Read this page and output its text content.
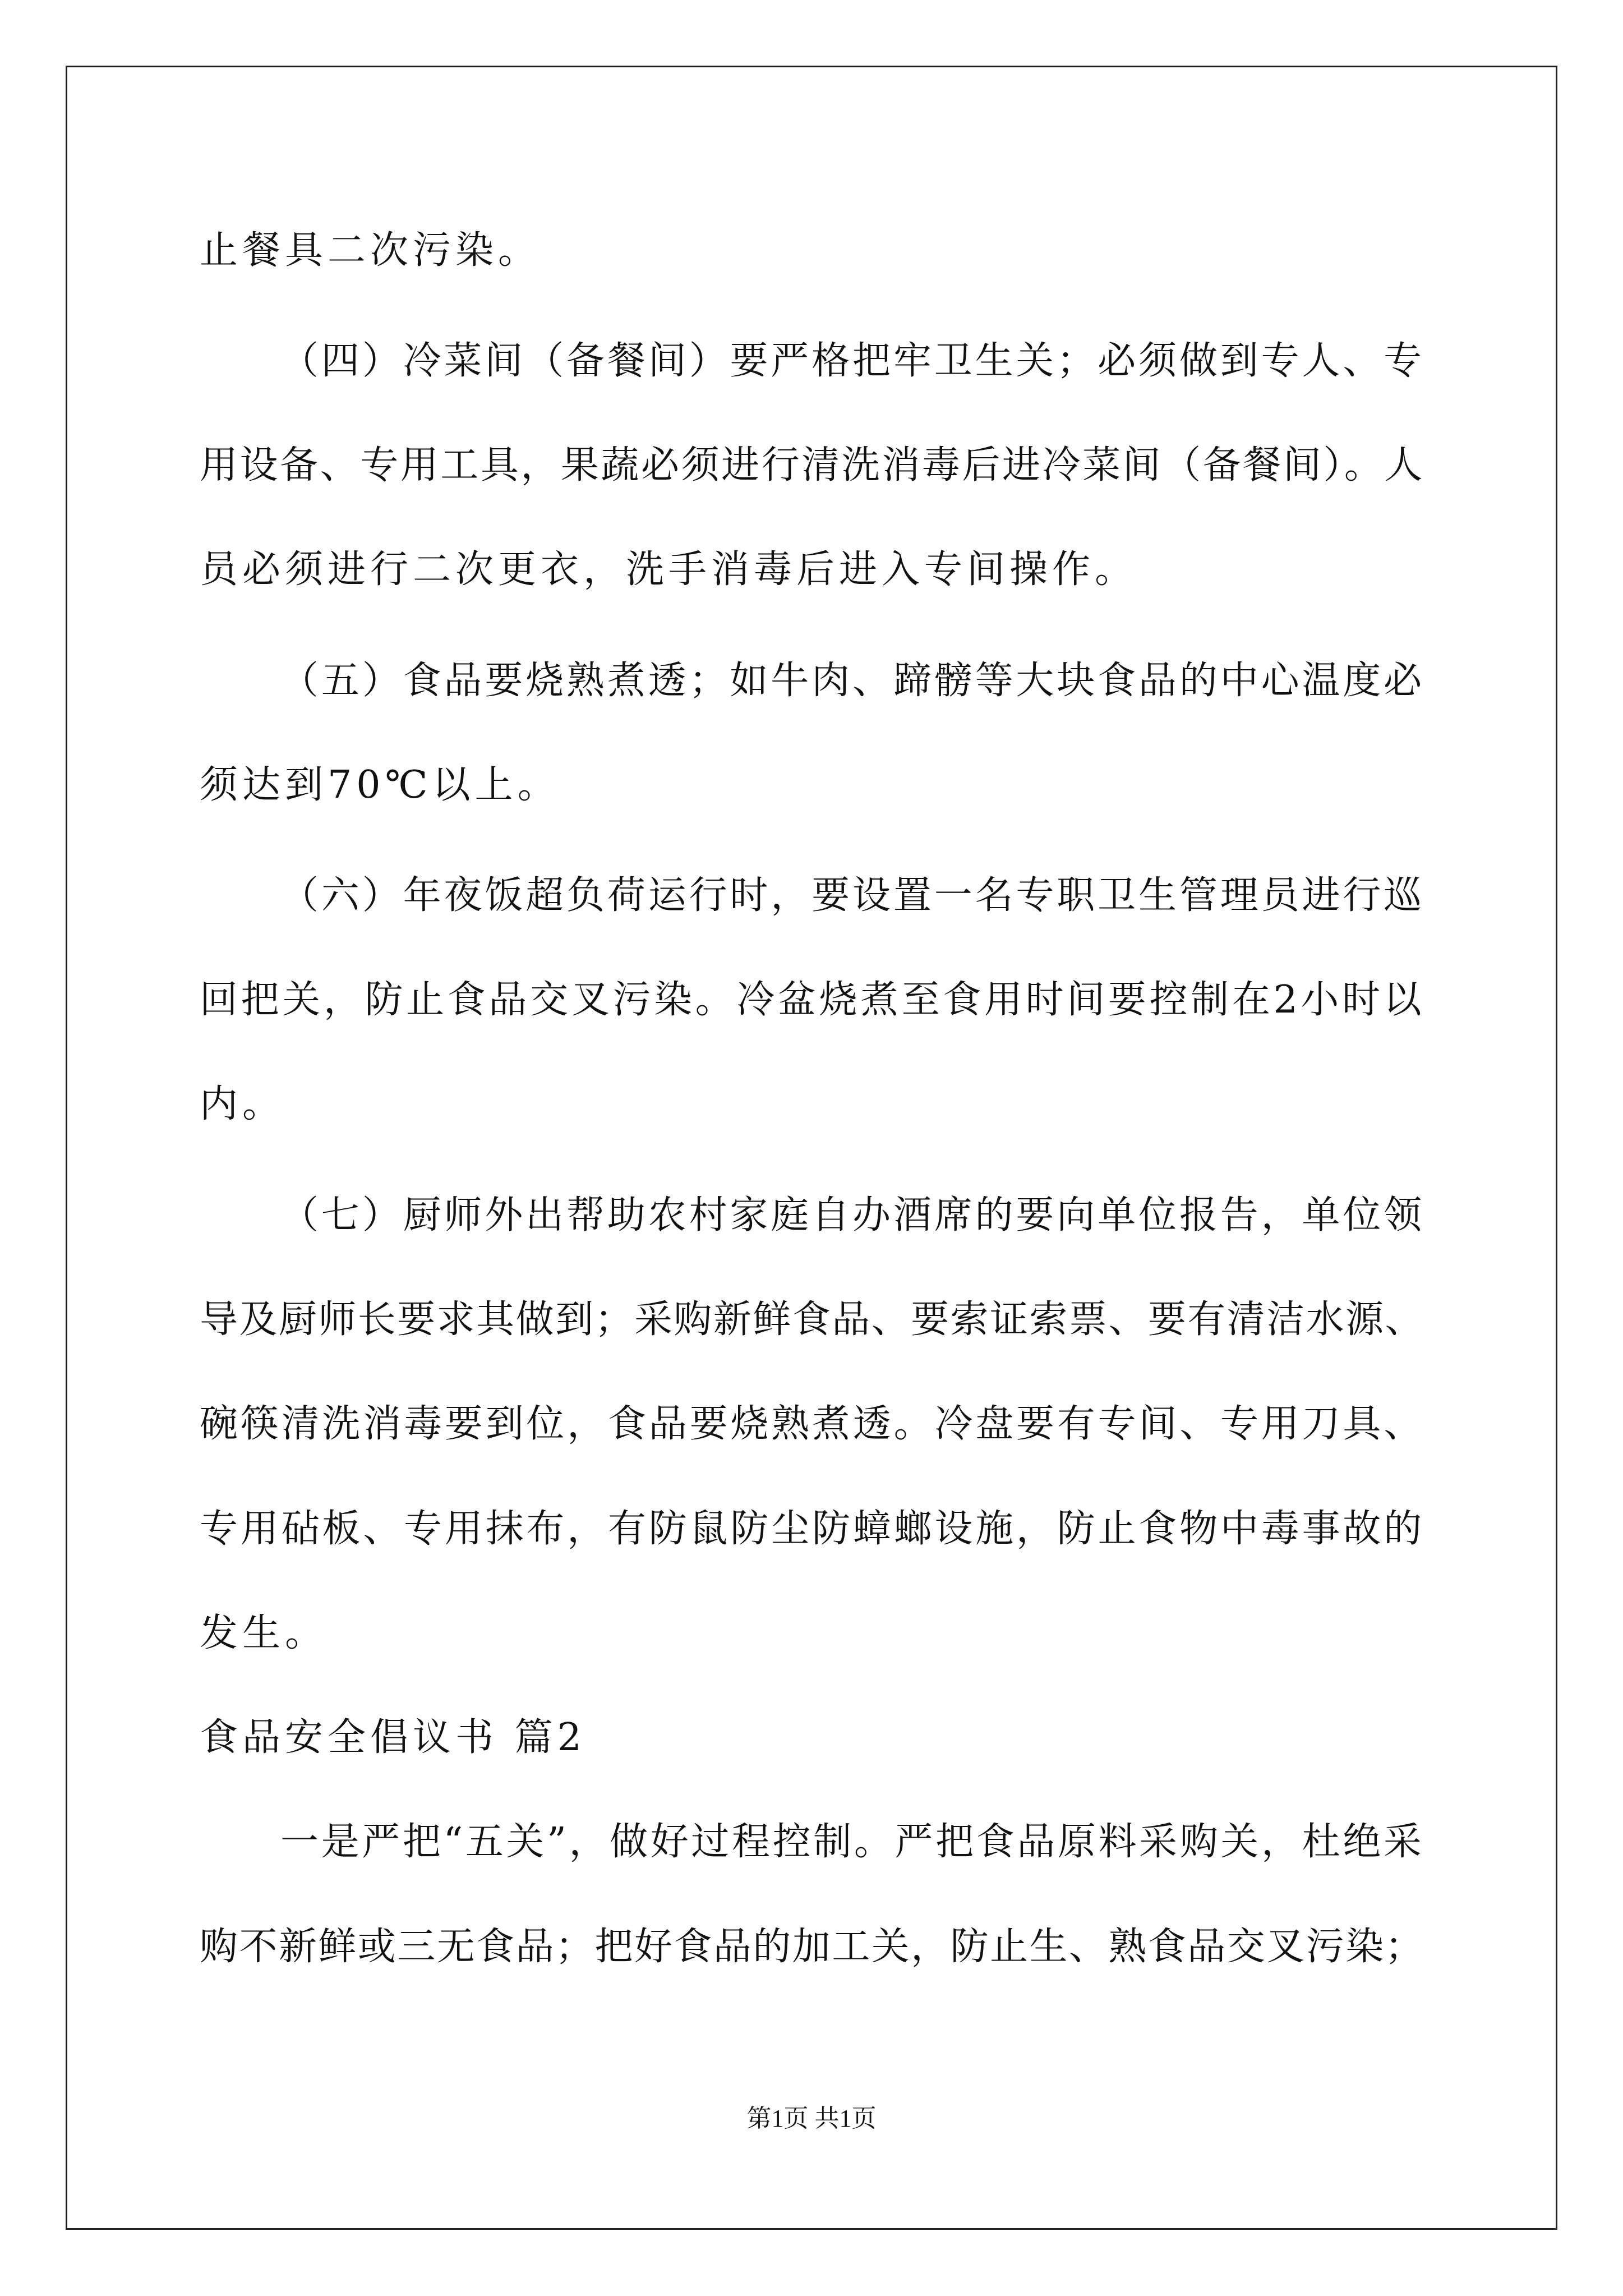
止餐具二次污染。
（四）冷菜间（备餐间）要严格把牢卫生关；必须做到专人、专
用设备、专用工具，果蔬必须进行清洗消毒后进冷菜间（备餐间）。人
员必须进行二次更衣，洗手消毒后进入专间操作。
（五）食品要烧熟煮透；如牛肉、蹄髈等大块食品的中心温度必
须达到70℃以上。
（六）年夜饭超负荷运行时，要设置一名专职卫生管理员进行巡
回把关，防止食品交叉污染。冷盆烧煮至食用时间要控制在2小时以
内。
（七）厨师外出帮助农村家庭自办酒席的要向单位报告，单位领
导及厨师长要求其做到；采购新鲜食品、要索证索票、要有清洁水源、
碗筷清洗消毒要到位，食品要烧熟煮透。冷盘要有专间、专用刀具、
专用砧板、专用抹布，有防鼠防尘防蟑螂设施，防止食物中毒事故的
发生。
食品安全倡议书 篇2
一是严把“五关”，做好过程控制。严把食品原料采购关，杜绝采
购不新鲜或三无食品；把好食品的加工关，防止生、熟食品交叉污染；
第1页 共1页
